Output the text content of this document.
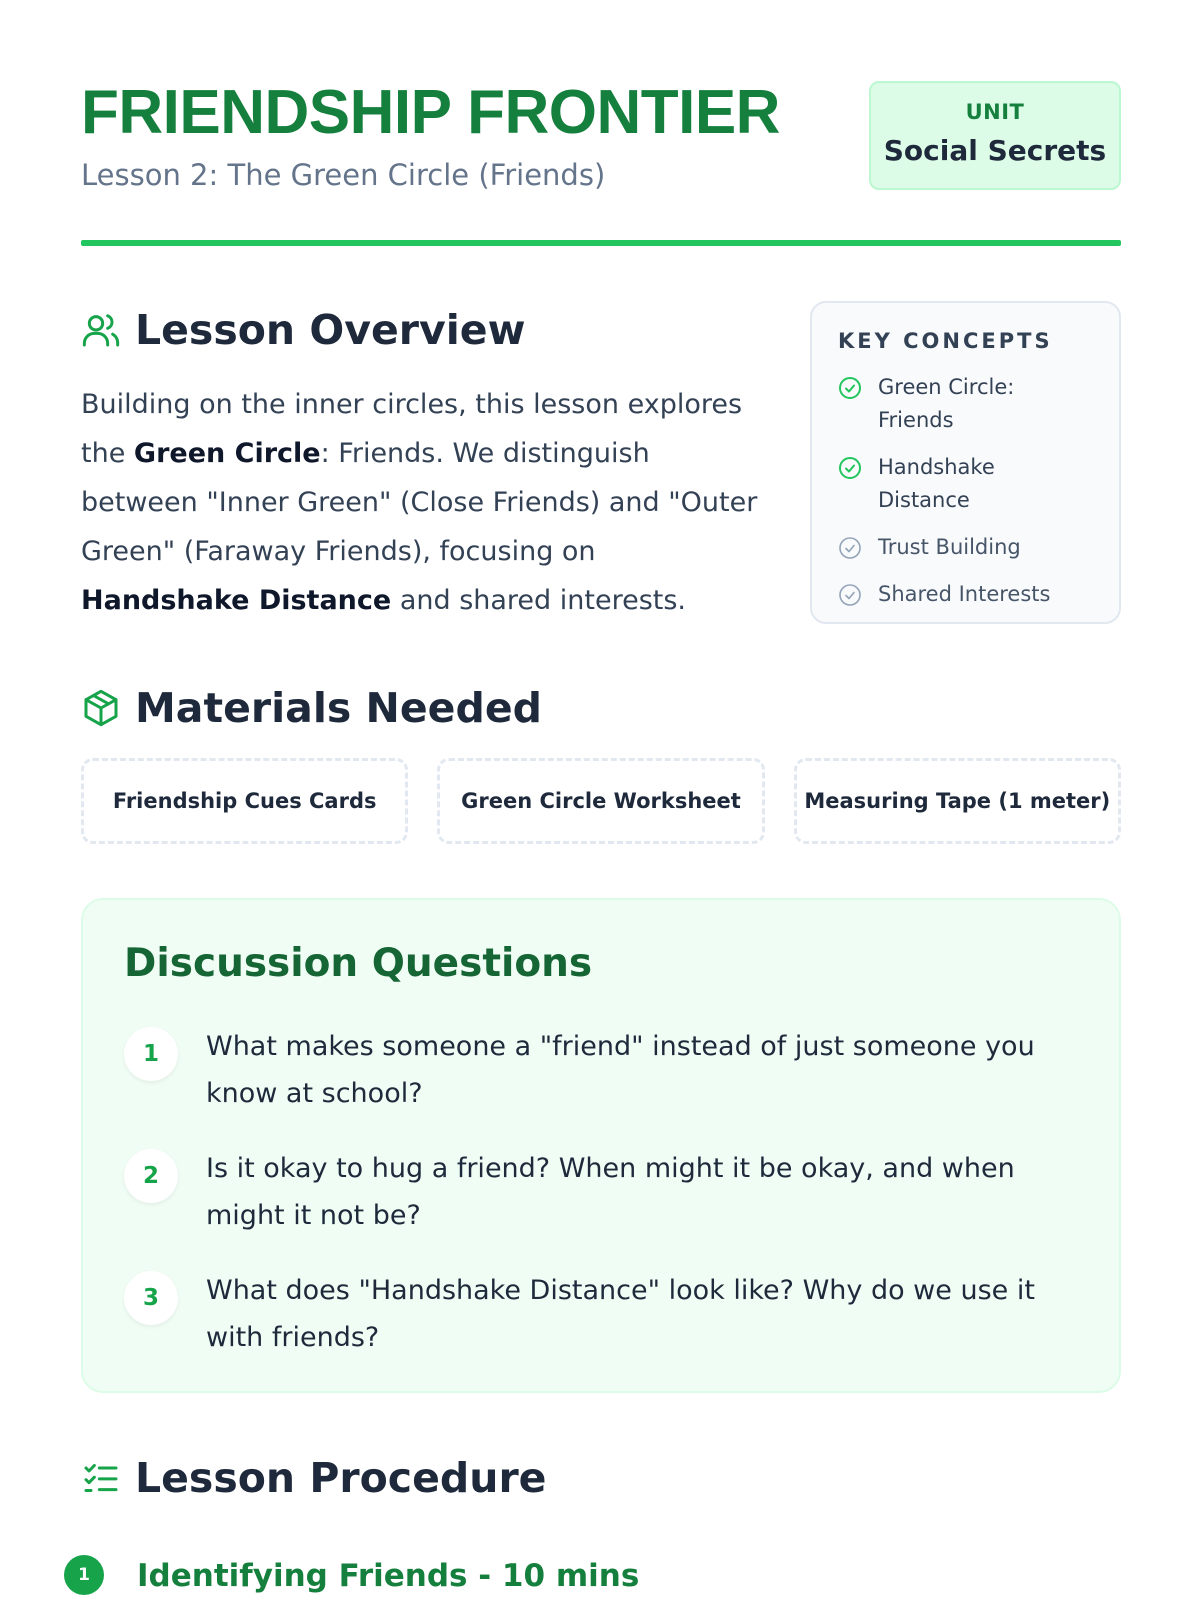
FRIENDSHIP FRONTIER
Lesson 2: The Green Circle (Friends)
UNIT
Social Secrets
Lesson Overview

Building on the inner circles, this lesson explores the Green Circle: Friends. We distinguish between "Inner Green" (Close Friends) and "Outer Green" (Faraway Friends), focusing on Handshake Distance and shared interests.

KEY CONCEPTS
Green Circle: Friends
Handshake Distance
Trust Building
Shared Interests
Materials Needed
Friendship Cues Cards	Green Circle Worksheet	Measuring Tape (1 meter)
Discussion Questions
1	What makes someone a "friend" instead of just someone you know at school?
2	Is it okay to hug a friend? When might it be okay, and when might it not be?
3	What does "Handshake Distance" look like? Why do we use it with friends?
Lesson Procedure
1	Identifying Friends - 10 mins
